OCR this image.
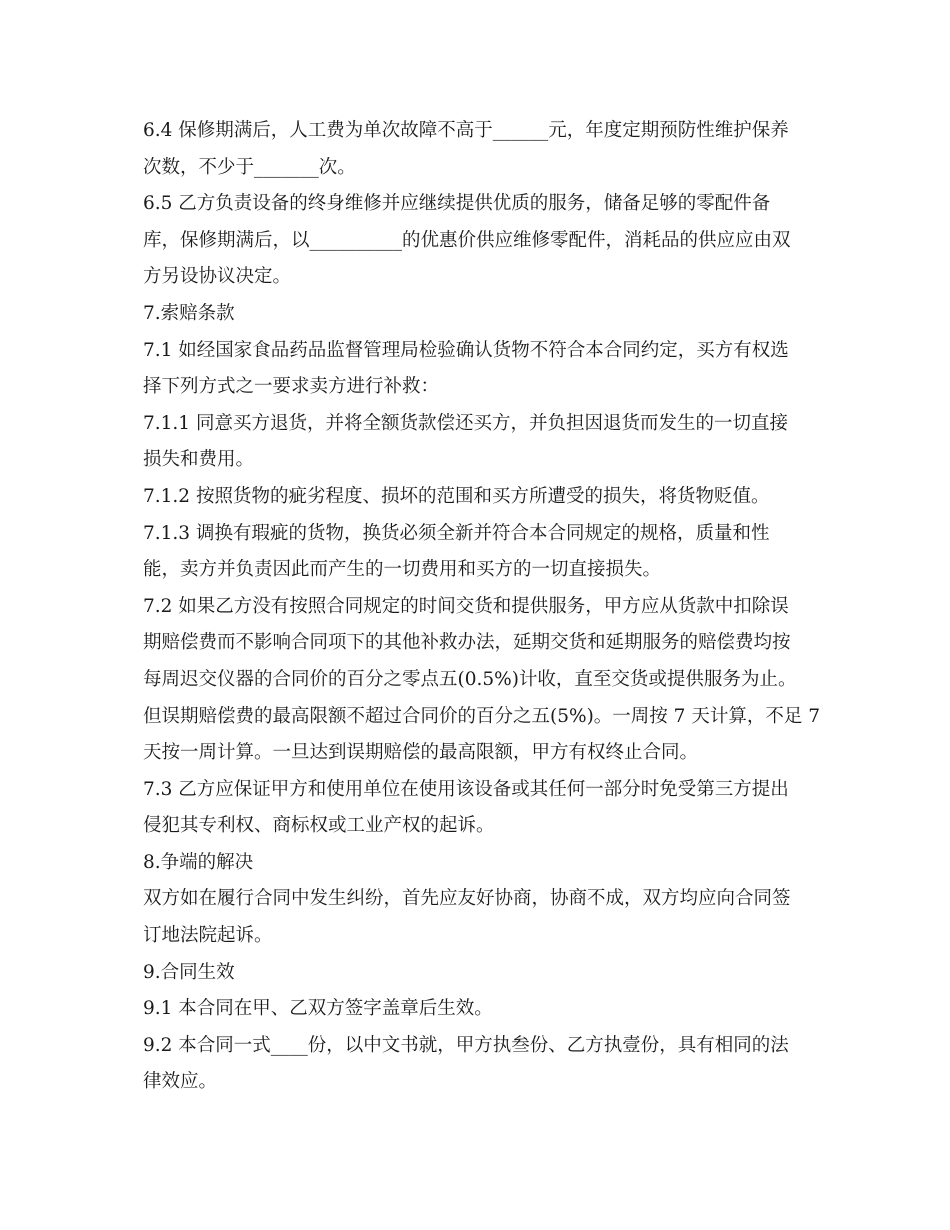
6.4 保修期满后，人工费为单次故障不高于______元，年度定期预防性维护保养
次数，不少于_______次。

6.5 乙方负责设备的终身维修并应继续提供优质的服务，储备足够的零配件备
库，保修期满后，以__________的优惠价供应维修零配件，消耗品的供应应由双
方另设协议决定。

7.索赔条款

7.1 如经国家食品药品监督管理局检验确认货物不符合本合同约定，买方有权选
择下列方式之一要求卖方进行补救：

7.1.1 同意买方退货，并将全额货款偿还买方，并负担因退货而发生的一切直接
损失和费用。

7.1.2 按照货物的疵劣程度、损坏的范围和买方所遭受的损失，将货物贬值。

7.1.3 调换有瑕疵的货物，换货必须全新并符合本合同规定的规格，质量和性
能，卖方并负责因此而产生的一切费用和买方的一切直接损失。

7.2 如果乙方没有按照合同规定的时间交货和提供服务，甲方应从货款中扣除误
期赔偿费而不影响合同项下的其他补救办法，延期交货和延期服务的赔偿费均按
每周迟交仪器的合同价的百分之零点五(0.5%)计收，直至交货或提供服务为止。
但误期赔偿费的最高限额不超过合同价的百分之五(5%)。一周按 7 天计算，不足 7
天按一周计算。一旦达到误期赔偿的最高限额，甲方有权终止合同。

7.3 乙方应保证甲方和使用单位在使用该设备或其任何一部分时免受第三方提出
侵犯其专利权、商标权或工业产权的起诉。

8.争端的解决

双方如在履行合同中发生纠纷，首先应友好协商，协商不成，双方均应向合同签
订地法院起诉。

9.合同生效

9.1 本合同在甲、乙双方签字盖章后生效。

9.2 本合同一式____份，以中文书就，甲方执叁份、乙方执壹份，具有相同的法
律效应。
